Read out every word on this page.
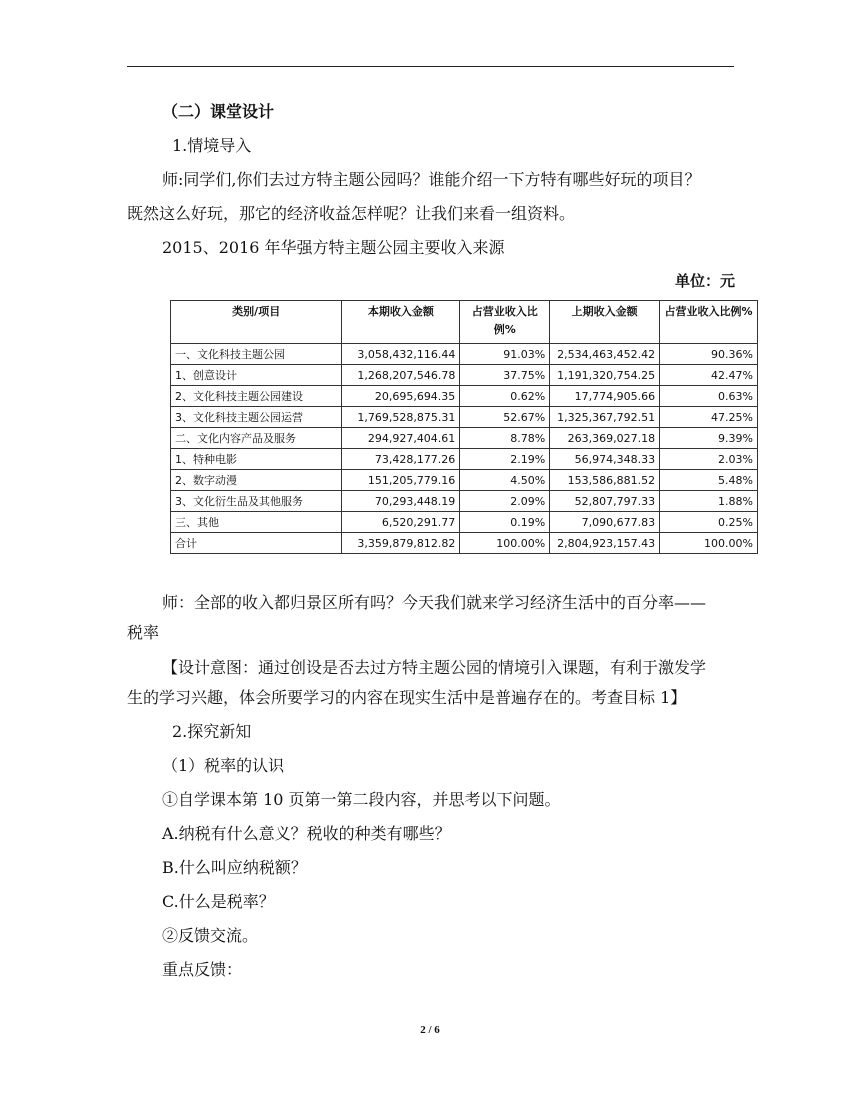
（二）课堂设计
1.情境导入
师:同学们,你们去过方特主题公园吗？谁能介绍一下方特有哪些好玩的项目？
既然这么好玩，那它的经济收益怎样呢？让我们来看一组资料。
2015、2016 年华强方特主题公园主要收入来源
单位：元
类别/项目	本期收入金额	占营业收入比例%	上期收入金额	占营业收入比例%
一、文化科技主题公园	3,058,432,116.44	91.03%	2,534,463,452.42	90.36%
1、创意设计	1,268,207,546.78	37.75%	1,191,320,754.25	42.47%
2、文化科技主题公园建设	20,695,694.35	0.62%	17,774,905.66	0.63%
3、文化科技主题公园运营	1,769,528,875.31	52.67%	1,325,367,792.51	47.25%
二、文化内容产品及服务	294,927,404.61	8.78%	263,369,027.18	9.39%
1、特种电影	73,428,177.26	2.19%	56,974,348.33	2.03%
2、数字动漫	151,205,779.16	4.50%	153,586,881.52	5.48%
3、文化衍生品及其他服务	70,293,448.19	2.09%	52,807,797.33	1.88%
三、其他	6,520,291.77	0.19%	7,090,677.83	0.25%
合计	3,359,879,812.82	100.00%	2,804,923,157.43	100.00%
师：全部的收入都归景区所有吗？今天我们就来学习经济生活中的百分率——
税率
【设计意图：通过创设是否去过方特主题公园的情境引入课题，有利于激发学
生的学习兴趣，体会所要学习的内容在现实生活中是普遍存在的。考查目标 1】
2.探究新知
（1）税率的认识
①自学课本第 10 页第一第二段内容，并思考以下问题。
A.纳税有什么意义？税收的种类有哪些？
B.什么叫应纳税额？
C.什么是税率？
②反馈交流。
重点反馈：
2 / 6
